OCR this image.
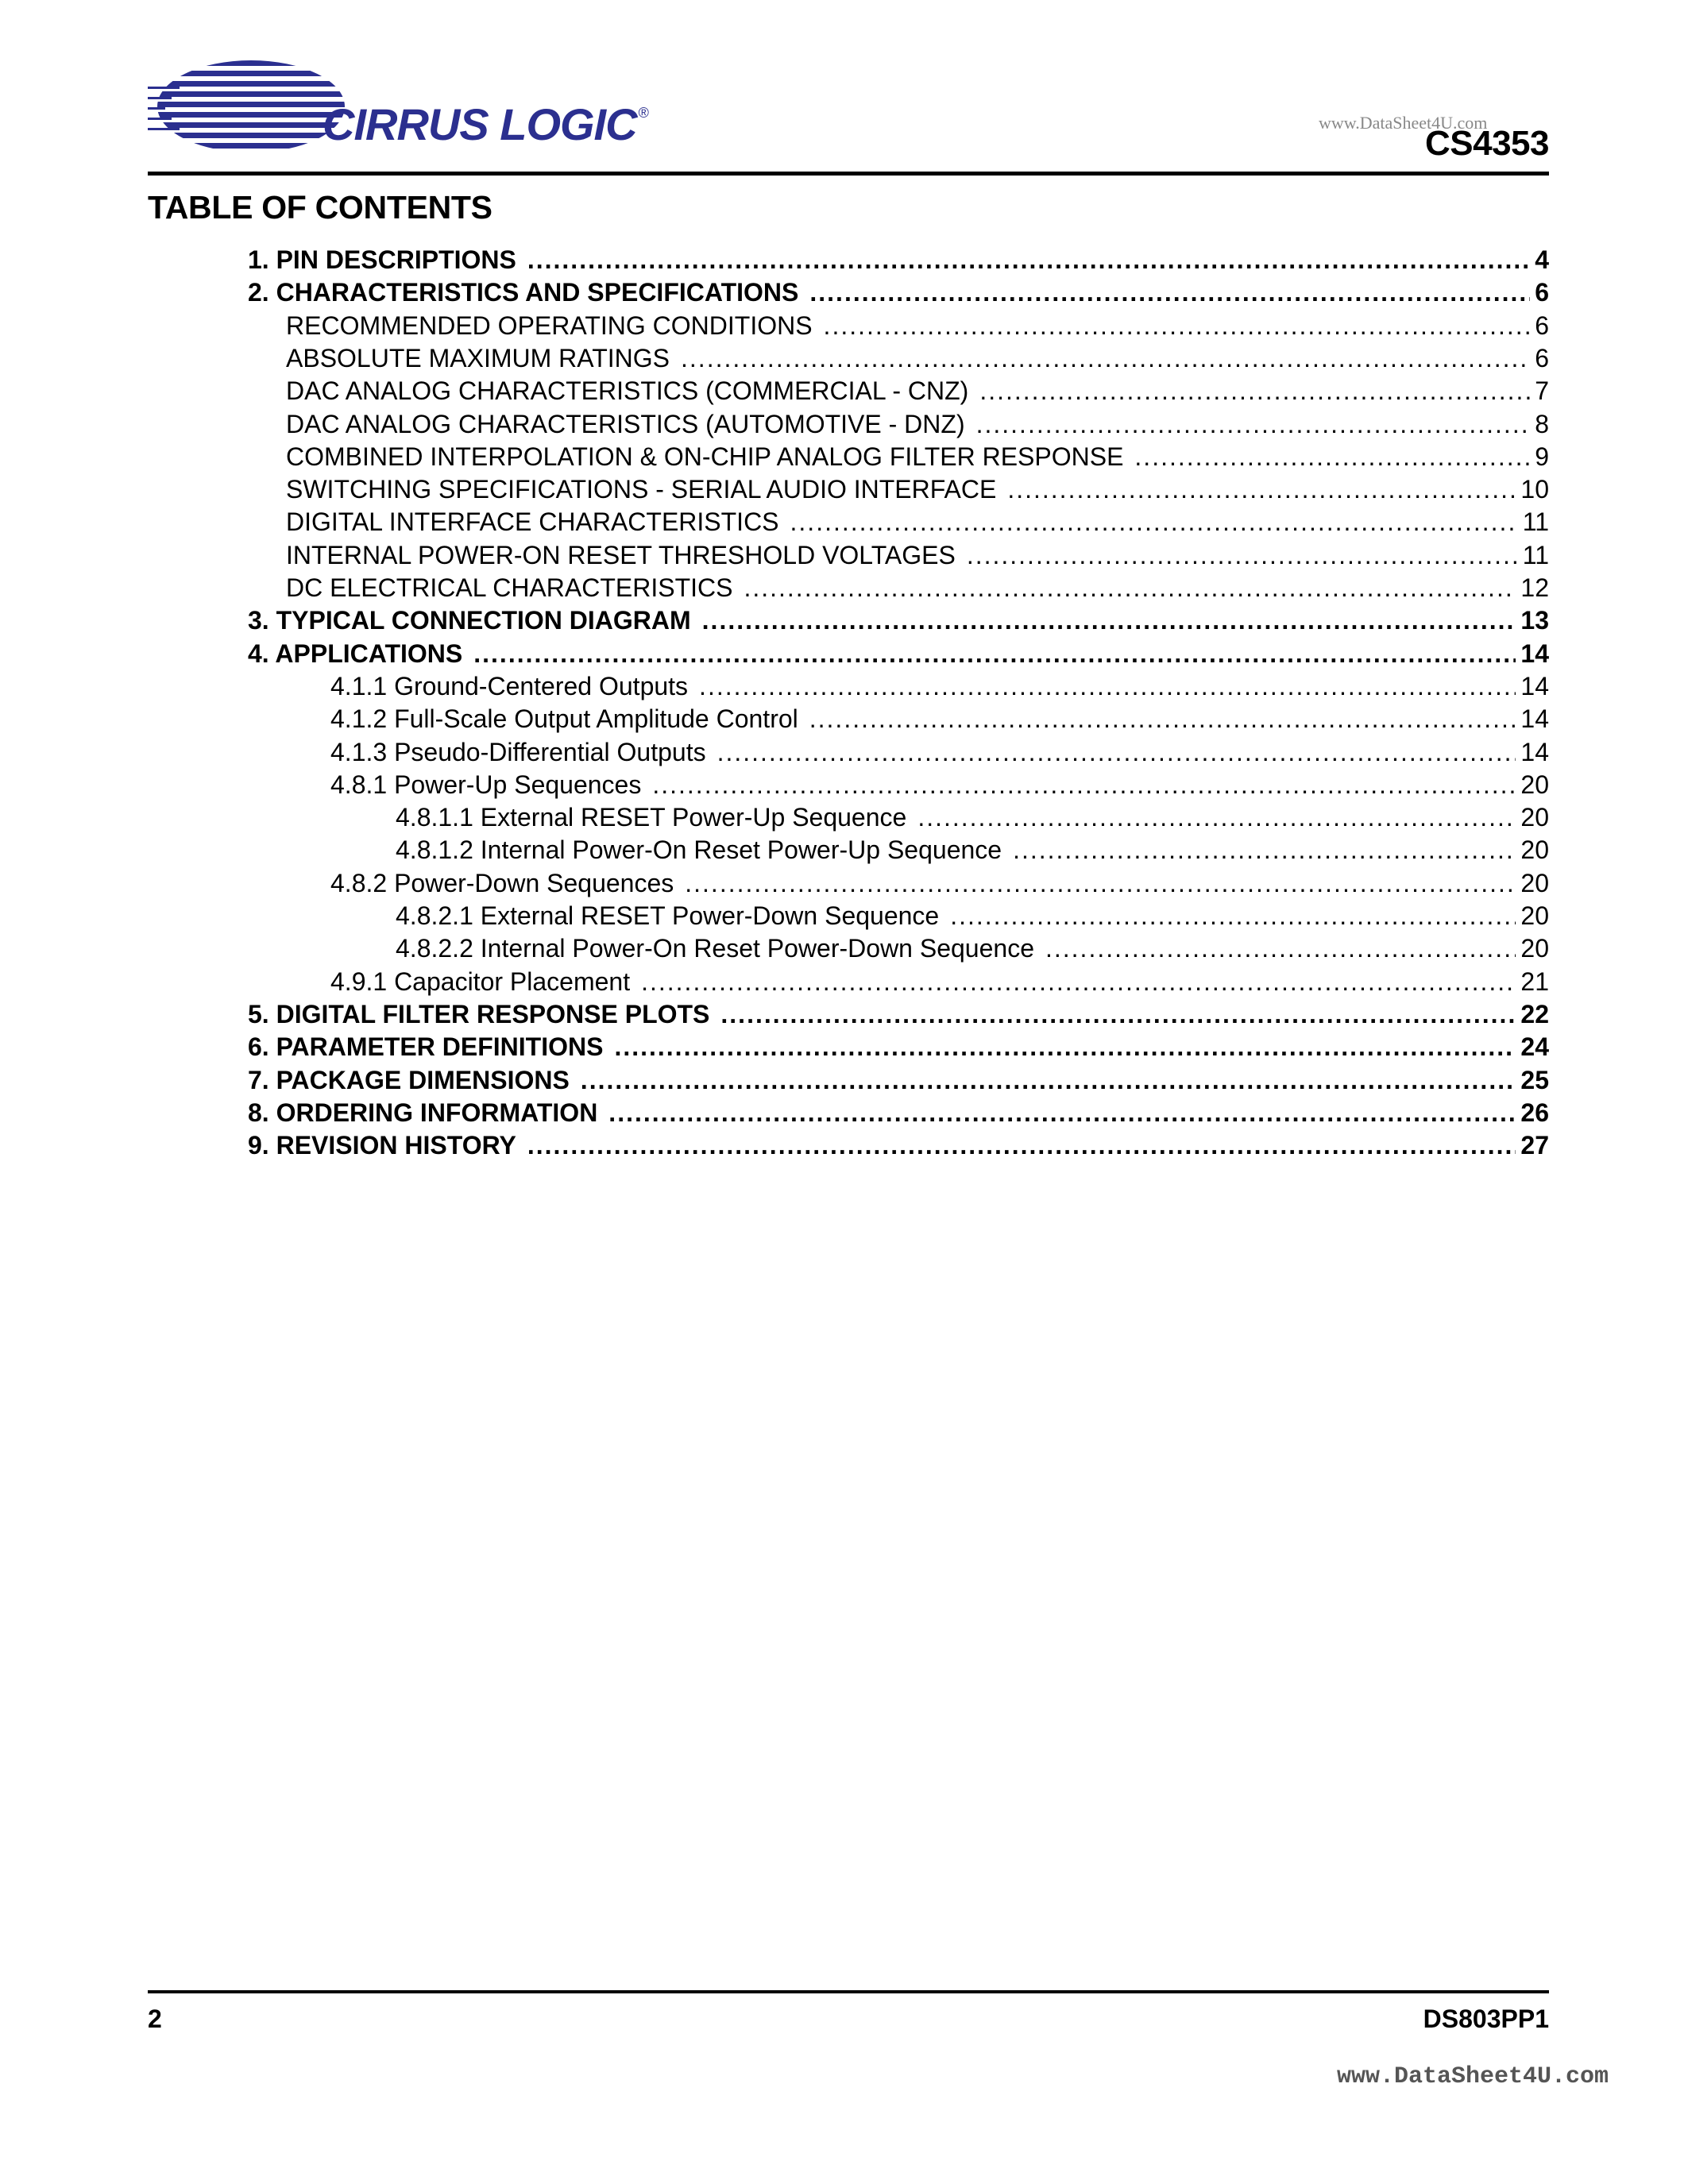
CIRRUS LOGIC ®	www.DataSheet4U.com
CS4353
TABLE OF CONTENTS
1. PIN DESCRIPTIONS .....	4
2. CHARACTERISTICS AND SPECIFICATIONS .....	6
RECOMMENDED OPERATING CONDITIONS .....	6
ABSOLUTE MAXIMUM RATINGS .....	6
DAC ANALOG CHARACTERISTICS (COMMERCIAL - CNZ) .....	7
DAC ANALOG CHARACTERISTICS (AUTOMOTIVE - DNZ) .....	8
COMBINED INTERPOLATION & ON-CHIP ANALOG FILTER RESPONSE .....	9
SWITCHING SPECIFICATIONS - SERIAL AUDIO INTERFACE .....	10
DIGITAL INTERFACE CHARACTERISTICS .....	11
INTERNAL POWER-ON RESET THRESHOLD VOLTAGES .....	11
DC ELECTRICAL CHARACTERISTICS .....	12
3. TYPICAL CONNECTION DIAGRAM .....	13
4. APPLICATIONS .....	14
4.1.1 Ground-Centered Outputs .....	14
4.1.2 Full-Scale Output Amplitude Control .....	14
4.1.3 Pseudo-Differential Outputs .....	14
4.8.1 Power-Up Sequences .....	20
4.8.1.1 External RESET Power-Up Sequence .....	20
4.8.1.2 Internal Power-On Reset Power-Up Sequence .....	20
4.8.2 Power-Down Sequences .....	20
4.8.2.1 External RESET Power-Down Sequence .....	20
4.8.2.2 Internal Power-On Reset Power-Down Sequence .....	20
4.9.1 Capacitor Placement .....	21
5. DIGITAL FILTER RESPONSE PLOTS .....	22
6. PARAMETER DEFINITIONS .....	24
7. PACKAGE DIMENSIONS .....	25
8. ORDERING INFORMATION .....	26
9. REVISION HISTORY .....	27
2	DS803PP1
www.DataSheet4U.com
